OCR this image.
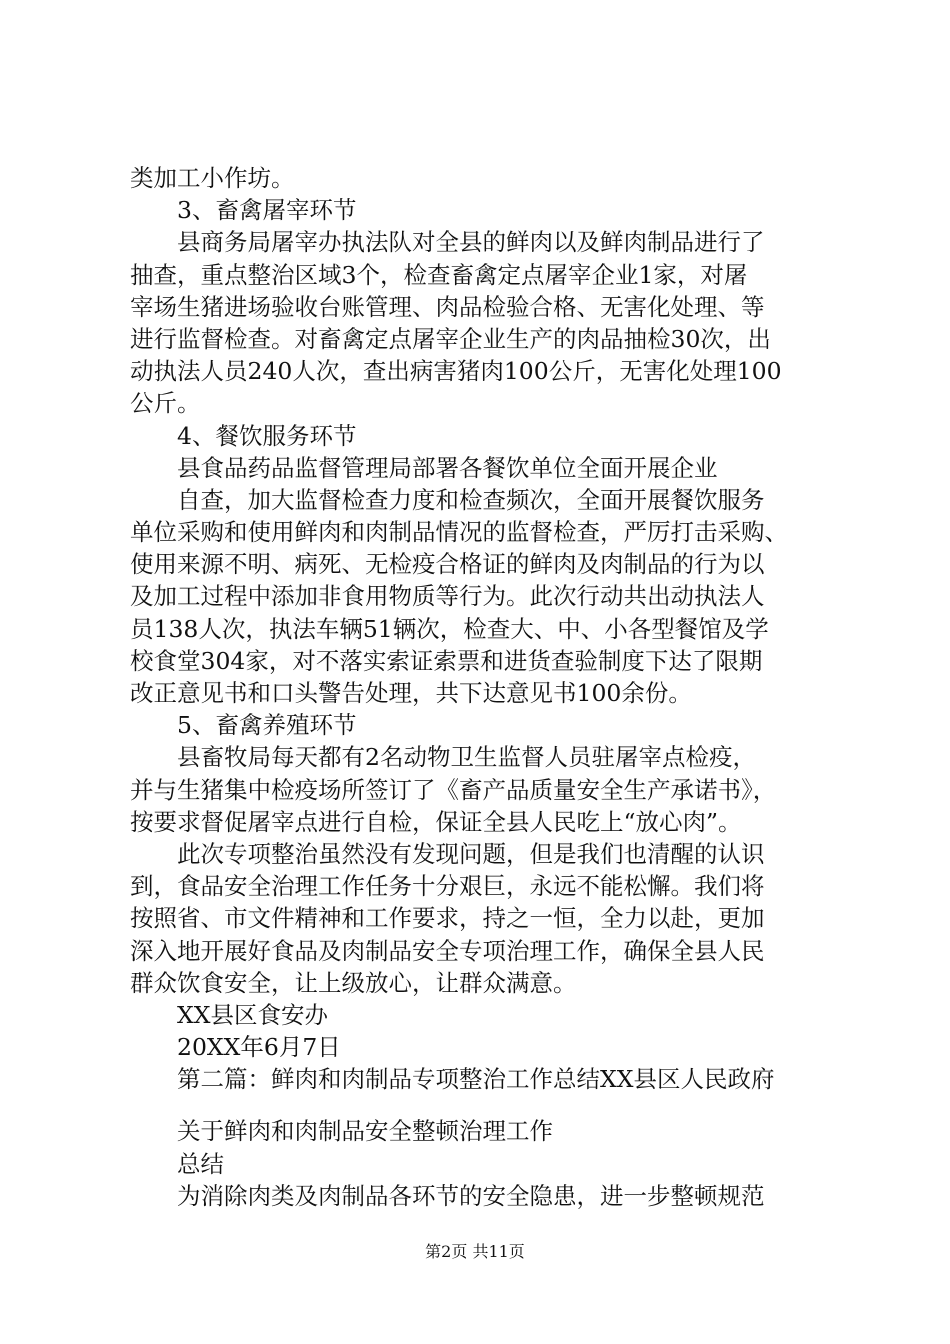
类加工小作坊。
3、畜禽屠宰环节
县商务局屠宰办执法队对全县的鲜肉以及鲜肉制品进行了
抽查，重点整治区域3个，检查畜禽定点屠宰企业1家，对屠
宰场生猪进场验收台账管理、肉品检验合格、无害化处理、等
进行监督检查。对畜禽定点屠宰企业生产的肉品抽检30次，出
动执法人员240人次，查出病害猪肉100公斤，无害化处理100
公斤。
4、餐饮服务环节
县食品药品监督管理局部署各餐饮单位全面开展企业
自查，加大监督检查力度和检查频次，全面开展餐饮服务
单位采购和使用鲜肉和肉制品情况的监督检查，严厉打击采购、
使用来源不明、病死、无检疫合格证的鲜肉及肉制品的行为以
及加工过程中添加非食用物质等行为。此次行动共出动执法人
员138人次，执法车辆51辆次，检查大、中、小各型餐馆及学
校食堂304家，对不落实索证索票和进货查验制度下达了限期
改正意见书和口头警告处理，共下达意见书100余份。
5、畜禽养殖环节
县畜牧局每天都有2名动物卫生监督人员驻屠宰点检疫，
并与生猪集中检疫场所签订了《畜产品质量安全生产承诺书》，
按要求督促屠宰点进行自检，保证全县人民吃上“放心肉”。
此次专项整治虽然没有发现问题，但是我们也清醒的认识
到，食品安全治理工作任务十分艰巨，永远不能松懈。我们将
按照省、市文件精神和工作要求，持之一恒，全力以赴，更加
深入地开展好食品及肉制品安全专项治理工作，确保全县人民
群众饮食安全，让上级放心，让群众满意。
XX县区食安办
20XX年6月7日
第二篇：鲜肉和肉制品专项整治工作总结XX县区人民政府
关于鲜肉和肉制品安全整顿治理工作
总结
为消除肉类及肉制品各环节的安全隐患，进一步整顿规范
第2页 共11页
